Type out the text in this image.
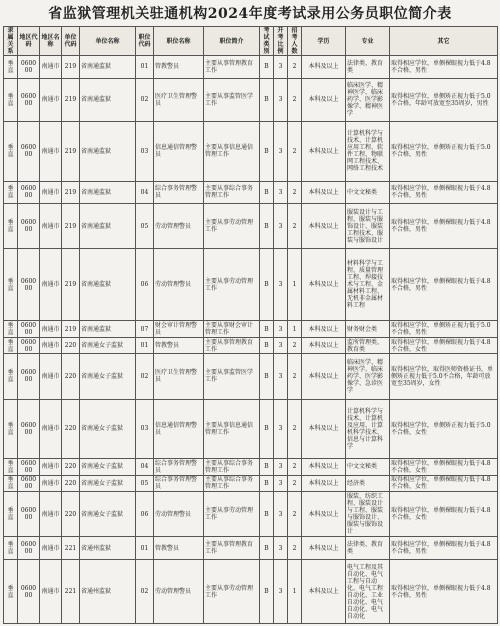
省监狱管理机关驻通机构2024年度考试录用公务员职位简介表
隶属关系	地区代码	地区名称	单位代码	单位名称	职位代码	职位名称	职位简介	考试类别	开考比例	招考人数	学历	专业	其它
垂直	060000	南通市	219	省南通监狱	01	管教警员	主要从事管理教育工作	B	3	2	本科及以上	法律类、教育类	取得相应学位，单侧裸眼视力低于4.8不合格，男性
垂直	060000	南通市	219	省南通监狱	02	医疗卫生管理警员	主要从事监管医学工作	B	3	2	本科及以上	临床医学、精神医学、临床药学、医学影像学、精神医学	取得相应学位，单侧矫正视力低于5.0不合格，年龄可放宽至35周岁，男性
垂直	060000	南通市	219	省南通监狱	03	信息通信管理警员	主要从事信息通信管理工作	B	3	2	本科及以上	计算机科学与技术、计算机应用工程、软件工程、物联网工程技术、网络工程技术	取得相应学位，单侧矫正视力低于5.0不合格，男性
垂直	060000	南通市	219	省南通监狱	04	综合事务管理警员	主要从事综合事务管理工作	B	3	2	本科及以上	中文文秘类	取得相应学位，单侧裸眼视力低于4.8不合格，男性
垂直	060000	南通市	219	省南通监狱	05	劳动管理警员	主要从事劳动管理工作	B	3	2	本科及以上	服装设计与工程、服装与服饰设计、服装工程技术、服装与服饰设计	取得相应学位，单侧裸眼视力低于4.8不合格，男性
垂直	060000	南通市	219	省南通监狱	06	劳动管理警员	主要从事劳动管理工作	B	3	1	本科及以上	材料科学与工程、质量管理工程、焊接技术与工程、金属材料工程、无机非金属材料工程	取得相应学位，单侧裸眼视力低于4.8不合格，男性
垂直	060000	南通市	219	省南通监狱	07	财会审计管理警员	主要从事财会审计管理工作	B	3	1	本科及以上	财务财会类	取得相应学位，单侧矫正视力低于5.0不合格，男性
垂直	060000	南通市	220	省南通女子监狱	01	管教警员	主要从事管理教育工作	B	3	2	本科及以上	监所管理类、教育类	取得相应学位，单侧裸眼视力低于4.8不合格，女性
垂直	060000	南通市	220	省南通女子监狱	02	医疗卫生管理警员	主要从事监管医学工作	B	3	2	本科及以上	临床医学、精神医学、临床药学、医学影像学、急诊医学	取得相应学位，取得医师资格证书，单侧矫正视力低于5.0不合格，年龄可放宽至35周岁，女性
垂直	060000	南通市	220	省南通女子监狱	03	信息通信管理警员	主要从事信息通信管理工作	B	3	2	本科及以上	计算机科学与技术、计算机及应用、计算机科学技术、信息与计算科学	取得相应学位，单侧矫正视力低于5.0不合格，女性
垂直	060000	南通市	220	省南通女子监狱	04	综合事务管理警员	主要从事综合事务管理工作	B	3	2	本科及以上	中文文秘类	取得相应学位，单侧裸眼视力低于4.8不合格，女性
垂直	060000	南通市	220	省南通女子监狱	05	综合事务管理警员	主要从事综合事务管理工作	B	3	2	本科及以上	经济类	取得相应学位，单侧裸眼视力低于4.8不合格，女性
垂直	060000	南通市	220	省南通女子监狱	06	劳动管理警员	主要从事劳动管理工作	B	3	2	本科及以上	服装、纺织工程、服装设计与工程、服装与服饰设计、服装与服饰设计	取得相应学位，单侧裸眼视力低于4.8不合格，女性
垂直	060000	南通市	221	省通州监狱	01	管教警员	主要从事管理教育工作	B	3	2	本科及以上	法律类、教育类	取得相应学位，单侧裸眼视力低于4.8不合格，男性
垂直	060000	南通市	221	省通州监狱	02	劳动管理警员	主要从事劳动管理工作	B	3	1	本科及以上	电气工程及其自动化、电气工程与自动化、电气工程自动化、工业自动化、电气自动化、电气自动化	取得相应学位，单侧裸眼视力低于4.8不合格，男性
